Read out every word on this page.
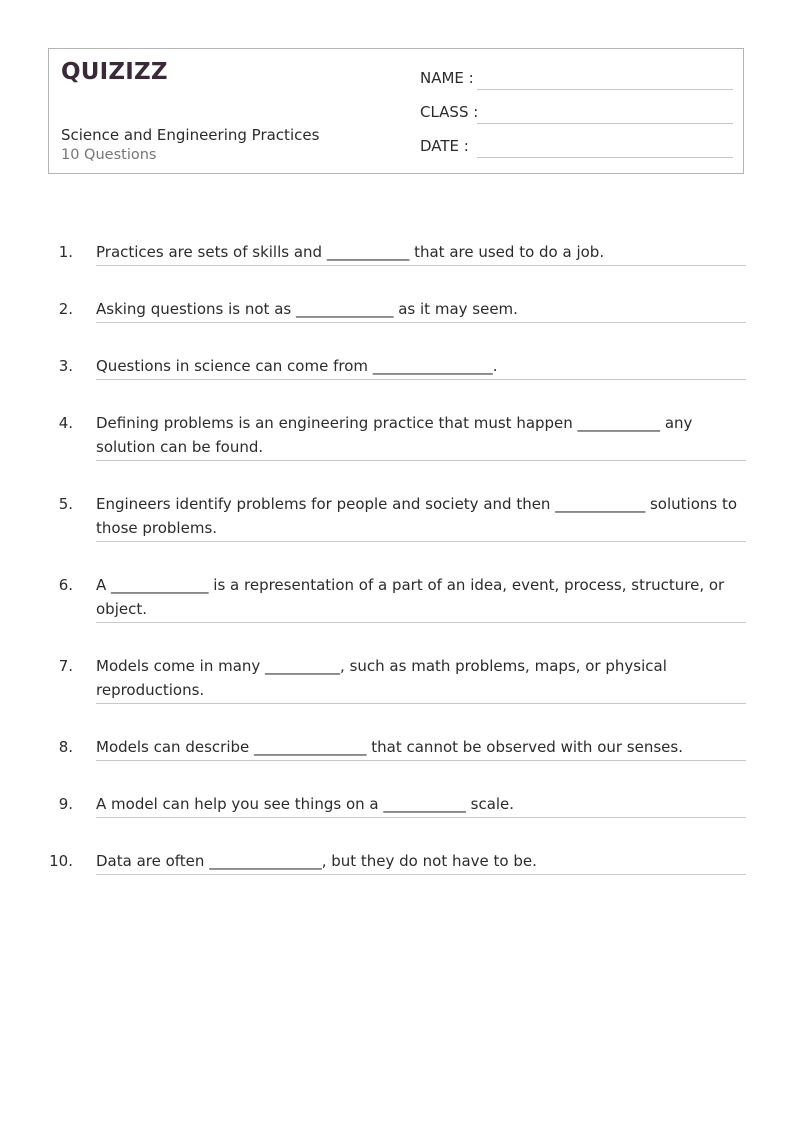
QUIZIZZ
Science and Engineering Practices
10 Questions
NAME :
CLASS :
DATE :
1. Practices are sets of skills and ___________ that are used to do a job.
2. Asking questions is not as _____________ as it may seem.
3. Questions in science can come from ________________.
4. Defining problems is an engineering practice that must happen ___________ any solution can be found.
5. Engineers identify problems for people and society and then ____________ solutions to those problems.
6. A _____________ is a representation of a part of an idea, event, process, structure, or object.
7. Models come in many __________, such as math problems, maps, or physical reproductions.
8. Models can describe _______________ that cannot be observed with our senses.
9. A model can help you see things on a ___________ scale.
10. Data are often _______________, but they do not have to be.
